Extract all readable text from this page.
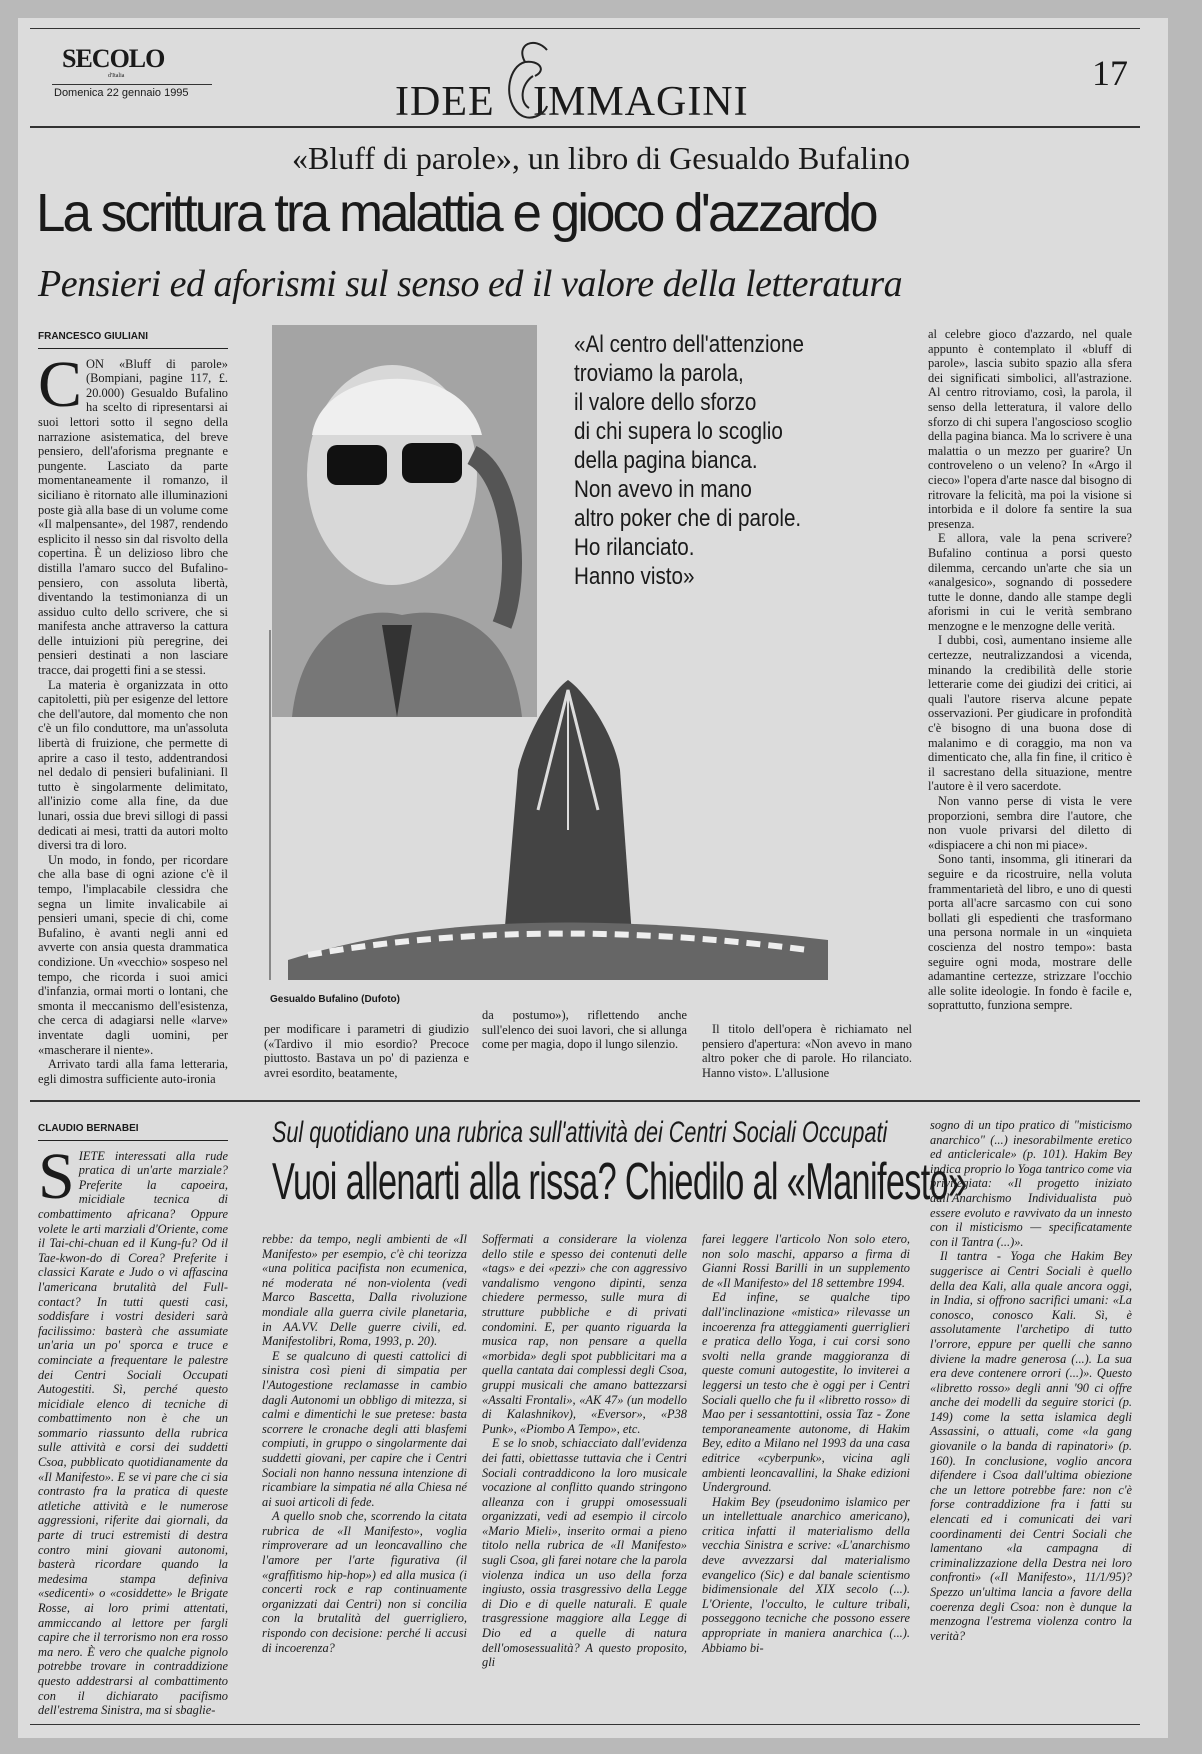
SECOLO
d'Italia
Domenica 22 gennaio 1995	IDEE IMMAGINI
17
«Bluff di parole», un libro di Gesualdo Bufalino
La scrittura tra malattia e gioco d'azzardo
Pensieri ed aforismi sul senso ed il valore della letteratura
FRANCESCO GIULIANI
C ON «Bluff di parole» (Bompiani, pagine 117, £. 20.000) Gesualdo Bufalino ha scelto di ripresentarsi ai suoi lettori sotto il segno della narrazione asistematica, del breve pensiero, dell'aforisma pregnante e pungente. Lasciato da parte momentaneamente il romanzo, il siciliano è ritornato alle illuminazioni poste già alla base di un volume come «Il malpensante», del 1987, rendendo esplicito il nesso sin dal risvolto della copertina. È un delizioso libro che distilla l'amaro succo del Bufalino-pensiero, con assoluta libertà, diventando la testimonianza di un assiduo culto dello scrivere, che si manifesta anche attraverso la cattura delle intuizioni più peregrine, dei pensieri destinati a non lasciare tracce, dai progetti fini a se stessi.

La materia è organizzata in otto capitoletti, più per esigenze del lettore che dell'autore, dal momento che non c'è un filo conduttore, ma un'assoluta libertà di fruizione, che permette di aprire a caso il testo, addentrandosi nel dedalo di pensieri bufaliniani. Il tutto è singolarmente delimitato, all'inizio come alla fine, da due lunari, ossia due brevi sillogi di passi dedicati ai mesi, tratti da autori molto diversi tra di loro.

Un modo, in fondo, per ricordare che alla base di ogni azione c'è il tempo, l'implacabile clessidra che segna un limite invalicabile ai pensieri umani, specie di chi, come Bufalino, è avanti negli anni ed avverte con ansia questa drammatica condizione. Un «vecchio» sospeso nel tempo, che ricorda i suoi amici d'infanzia, ormai morti o lontani, che smonta il meccanismo dell'esistenza, che cerca di adagiarsi nelle «larve» inventate dagli uomini, per «mascherare il niente».

Arrivato tardi alla fama letteraria, egli dimostra sufficiente auto-ironia

«Al centro dell'attenzione
troviamo la parola,
il valore dello sforzo
di chi supera lo scoglio
della pagina bianca.
Non avevo in mano
altro poker che di parole.
Ho rilanciato.
Hanno visto»
Gesualdo Bufalino (Dufoto)

per modificare i parametri di giudizio («Tardivo il mio esordio? Precoce piuttosto. Bastava un po' di pazienza e avrei esordito, beatamente,

da postumo»), riflettendo anche sull'elenco dei suoi lavori, che si allunga come per magia, dopo il lungo silenzio.

Il titolo dell'opera è richiamato nel pensiero d'apertura: «Non avevo in mano altro poker che di parole. Ho rilanciato. Hanno visto». L'allusione

al celebre gioco d'azzardo, nel quale appunto è contemplato il «bluff di parole», lascia subito spazio alla sfera dei significati simbolici, all'astrazione. Al centro ritroviamo, così, la parola, il senso della letteratura, il valore dello sforzo di chi supera l'angoscioso scoglio della pagina bianca. Ma lo scrivere è una malattia o un mezzo per guarire? Un controveleno o un veleno? In «Argo il cieco» l'opera d'arte nasce dal bisogno di ritrovare la felicità, ma poi la visione si intorbida e il dolore fa sentire la sua presenza.

E allora, vale la pena scrivere? Bufalino continua a porsi questo dilemma, cercando un'arte che sia un «analgesico», sognando di possedere tutte le donne, dando alle stampe degli aforismi in cui le verità sembrano menzogne e le menzogne delle verità.

I dubbi, così, aumentano insieme alle certezze, neutralizzandosi a vicenda, minando la credibilità delle storie letterarie come dei giudizi dei critici, ai quali l'autore riserva alcune pepate osservazioni. Per giudicare in profondità c'è bisogno di una buona dose di malanimo e di coraggio, ma non va dimenticato che, alla fin fine, il critico è il sacrestano della situazione, mentre l'autore è il vero sacerdote.

Non vanno perse di vista le vere proporzioni, sembra dire l'autore, che non vuole privarsi del diletto di «dispiacere a chi non mi piace».

Sono tanti, insomma, gli itinerari da seguire e da ricostruire, nella voluta frammentarietà del libro, e uno di questi porta all'acre sarcasmo con cui sono bollati gli espedienti che trasformano una persona normale in un «inquieta coscienza del nostro tempo»: basta seguire ogni moda, mostrare delle adamantine certezze, strizzare l'occhio alle solite ideologie. In fondo è facile e, soprattutto, funziona sempre.

CLAUDIO BERNABEI
S IETE interessati alla rude pratica di un'arte marziale? Preferite la capoeira, micidiale tecnica di combattimento africana? Oppure volete le arti marziali d'Oriente, come il Tai-chi-chuan ed il Kung-fu? Od il Tae-kwon-do di Corea? Preferite i classici Karate e Judo o vi affascina l'americana brutalità del Full-contact? In tutti questi casi, soddisfare i vostri desideri sarà facilissimo: basterà che assumiate un'aria un po' sporca e truce e cominciate a frequentare le palestre dei Centri Sociali Occupati Autogestiti. Sì, perché questo micidiale elenco di tecniche di combattimento non è che un sommario riassunto della rubrica sulle attività e corsi dei suddetti Csoa, pubblicato quotidianamente da «Il Manifesto». E se vi pare che ci sia contrasto fra la pratica di queste atletiche attività e le numerose aggressioni, riferite dai giornali, da parte di truci estremisti di destra contro mini giovani autonomi, basterà ricordare quando la medesima stampa definiva «sedicenti» o «cosiddette» le Brigate Rosse, ai loro primi attentati, ammiccando al lettore per fargli capire che il terrorismo non era rosso ma nero. È vero che qualche pignolo potrebbe trovare in contraddizione questo addestrarsi al combattimento con il dichiarato pacifismo dell'estrema Sinistra, ma si sbaglie-

Sul quotidiano una rubrica sull'attività dei Centri Sociali Occupati
Vuoi allenarti alla rissa? Chiedilo al «Manifesto»

rebbe: da tempo, negli ambienti de «Il Manifesto» per esempio, c'è chi teorizza «una politica pacifista non ecumenica, né moderata né non-violenta (vedi Marco Bascetta, Dalla rivoluzione mondiale alla guerra civile planetaria, in AA.VV. Delle guerre civili, ed. Manifestolibri, Roma, 1993, p. 20).

E se qualcuno di questi cattolici di sinistra così pieni di simpatia per l'Autogestione reclamasse in cambio dagli Autonomi un obbligo di mitezza, si calmi e dimentichi le sue pretese: basta scorrere le cronache degli atti blasfemi compiuti, in gruppo o singolarmente dai suddetti giovani, per capire che i Centri Sociali non hanno nessuna intenzione di ricambiare la simpatia né alla Chiesa né ai suoi articoli di fede.

A quello snob che, scorrendo la citata rubrica de «Il Manifesto», voglia rimproverare ad un leoncavallino che l'amore per l'arte figurativa (il «graffitismo hip-hop») ed alla musica (i concerti rock e rap continuamente organizzati dai Centri) non si concilia con la brutalità del guerrigliero, rispondo con decisione: perché li accusi di incoerenza?

Soffermati a considerare la violenza dello stile e spesso dei contenuti delle «tags» e dei «pezzi» che con aggressivo vandalismo vengono dipinti, senza chiedere permesso, sulle mura di strutture pubbliche e di privati condomini. E, per quanto riguarda la musica rap, non pensare a quella «morbida» degli spot pubblicitari ma a quella cantata dai complessi degli Csoa, gruppi musicali che amano battezzarsi «Assalti Frontali», «AK 47» (un modello di Kalashnikov), «Eversor», «P38 Punk», «Piombo A Tempo», etc.

E se lo snob, schiacciato dall'evidenza dei fatti, obiettasse tuttavia che i Centri Sociali contraddicono la loro musicale vocazione al conflitto quando stringono alleanza con i gruppi omosessuali organizzati, vedi ad esempio il circolo «Mario Mieli», inserito ormai a pieno titolo nella rubrica de «Il Manifesto» sugli Csoa, gli farei notare che la parola violenza indica un uso della forza ingiusto, ossia trasgressivo della Legge di Dio e di quelle naturali. E quale trasgressione maggiore alla Legge di Dio ed a quelle di natura dell'omosessualità? A questo proposito, gli

farei leggere l'articolo Non solo etero, non solo maschi, apparso a firma di Gianni Rossi Barilli in un supplemento de «Il Manifesto» del 18 settembre 1994.

Ed infine, se qualche tipo dall'inclinazione «mistica» rilevasse un incoerenza fra atteggiamenti guerriglieri e pratica dello Yoga, i cui corsi sono svolti nella grande maggioranza di queste comuni autogestite, lo inviterei a leggersi un testo che è oggi per i Centri Sociali quello che fu il «libretto rosso» di Mao per i sessantottini, ossia Taz - Zone temporaneamente autonome, di Hakim Bey, edito a Milano nel 1993 da una casa editrice «cyberpunk», vicina agli ambienti leoncavallini, la Shake edizioni Underground.

Hakim Bey (pseudonimo islamico per un intellettuale anarchico americano), critica infatti il materialismo della vecchia Sinistra e scrive: «L'anarchismo deve avvezzarsi dal materialismo evangelico (Sic) e dal banale scientismo bidimensionale del XIX secolo (...). L'Oriente, l'occulto, le culture tribali, posseggono tecniche che possono essere appropriate in maniera anarchica (...). Abbiamo bi-

sogno di un tipo pratico di "misticismo anarchico" (...) inesorabilmente eretico ed anticlericale» (p. 101). Hakim Bey indica proprio lo Yoga tantrico come via privilegiata: «Il progetto iniziato dall'Anarchismo Individualista può essere evoluto e ravvivato da un innesto con il misticismo — specificatamente con il Tantra (...)».

Il tantra - Yoga che Hakim Bey suggerisce ai Centri Sociali è quello della dea Kali, alla quale ancora oggi, in India, si offrono sacrifici umani: «La conosco, conosco Kali. Sì, è assolutamente l'archetipo di tutto l'orrore, eppure per quelli che sanno diviene la madre generosa (...). La sua era deve contenere orrori (...)». Questo «libretto rosso» degli anni '90 ci offre anche dei modelli da seguire storici (p. 149) come la setta islamica degli Assassini, o attuali, come «la gang giovanile o la banda di rapinatori» (p. 160). In conclusione, voglio ancora difendere i Csoa dall'ultima obiezione che un lettore potrebbe fare: non c'è forse contraddizione fra i fatti su elencati ed i comunicati dei vari coordinamenti dei Centri Sociali che lamentano «la campagna di criminalizzazione della Destra nei loro confronti» («Il Manifesto», 11/1/95)? Spezzo un'ultima lancia a favore della coerenza degli Csoa: non è dunque la menzogna l'estrema violenza contro la verità?
